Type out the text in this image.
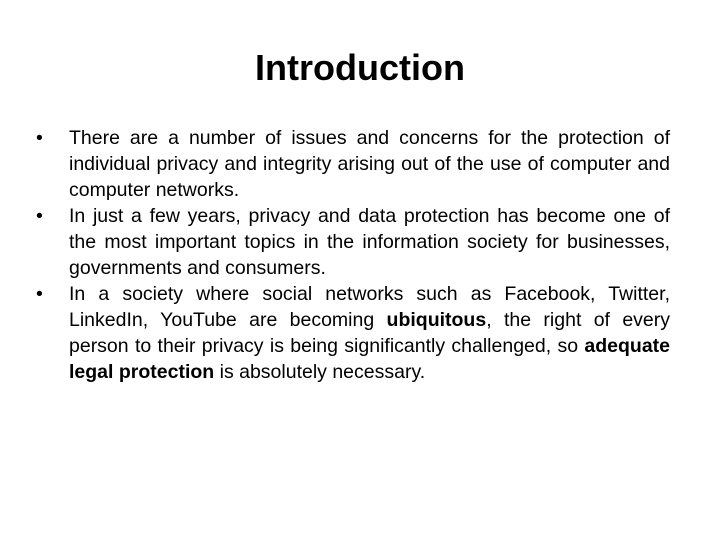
Introduction
•	There are a number of issues and concerns for the protection of individual privacy and integrity arising out of the use of computer and computer networks.
•	In just a few years, privacy and data protection has become one of the most important topics in the information society for businesses, governments and consumers.
•	In a society where social networks such as Facebook, Twitter, LinkedIn, YouTube are becoming ubiquitous, the right of every person to their privacy is being significantly challenged, so adequate legal protection is absolutely necessary.
